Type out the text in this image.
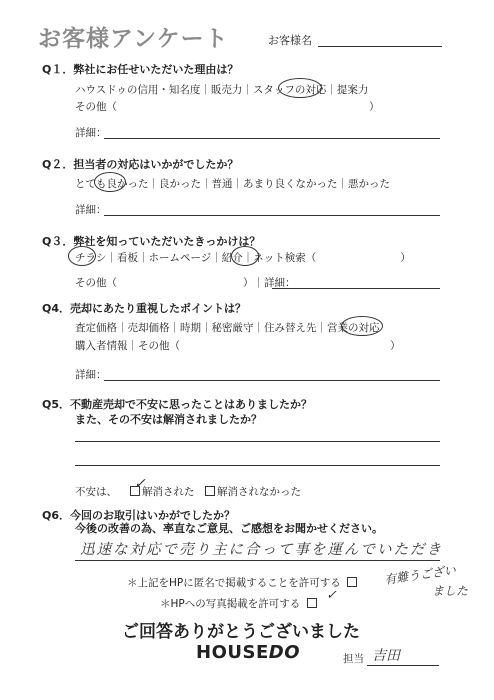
お客様アンケート	お客様名
Q１．弊社にお任せいただいた理由は？
ハウスドゥの信用・知名度｜販売力｜スタッフの対応｜提案力
その他（　　　　　　　　　　　　　　　　　　　　　　　　）
詳細：
Q２．担当者の対応はいかがでしたか？
とても良かった｜良かった｜普通｜あまり良くなかった｜悪かった
詳細：
Q３．弊社を知っていただいたきっかけは？
チラシ｜看板｜ホームページ｜紹介｜ネット検索（　　　　　　　　）
その他（　　　　　　　　　　　　）｜詳細：
Q4．売却にあたり重視したポイントは？
査定価格｜売却価格｜時期｜秘密厳守｜住み替え先｜営業の対応
購入者情報｜その他（　　　　　　　　　　　　　　　　　　　　）
詳細：
Q5．不動産売却で不安に思ったことはありましたか？
また、その不安は解消されましたか？
不安は、	解消された
✓	解消されなかった
Q6．今回のお取引はいかがでしたか？
今後の改善の為、率直なご意見、ご感想をお聞かせください。
迅速な対応で売り主に合って事を運んでいただき
＊上記をHPに匿名で掲載することを許可する
＊HPへの写真掲載を許可する
✓
有難うござい
ました
ご回答ありがとうございました
HOUSEDO	担当 吉田
